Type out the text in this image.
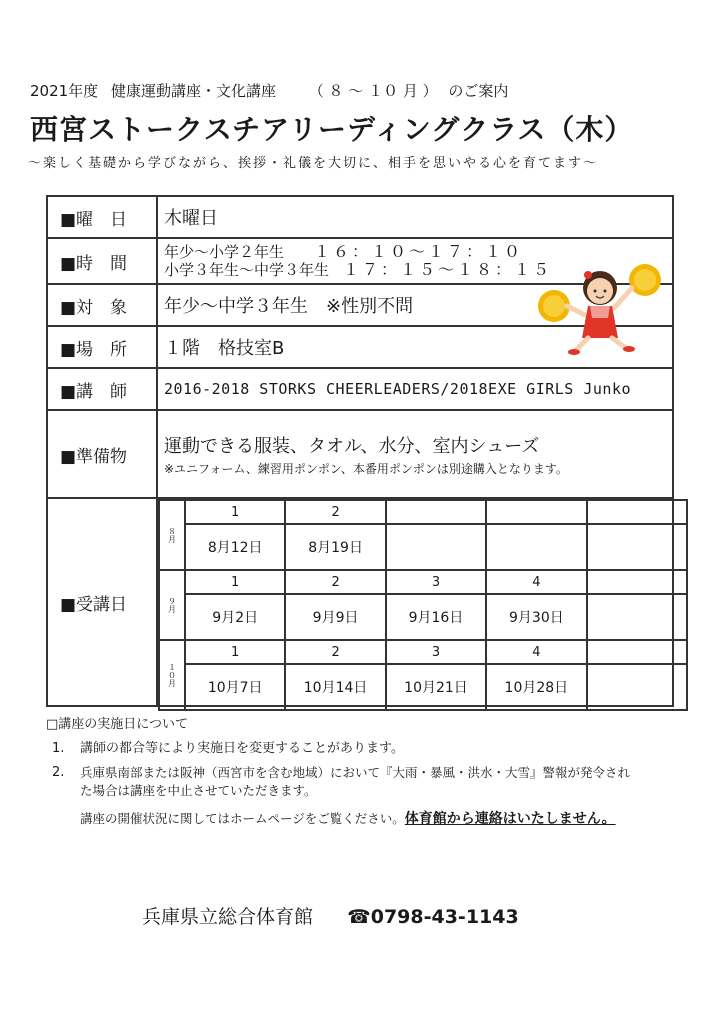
2021年度 健康運動講座・文化講座 （ ８ ～ １０ 月 ） のご案内
西宮ストークスチアリーディングクラス（木）
～楽しく基礎から学びながら、挨拶・礼儀を大切に、相手を思いやる心を育てます～
■曜　日	木曜日
■時　間	
年少～小学２年生 １６：１０～１７：１０
小学３年生～中学３年生 １７：１５～１８：１５

■対　象	年少～中学３年生　※性別不問
■場　所	１階　格技室B
■講　師	2016-2018 STORKS CHEERLEADERS/2018EXE GIRLS Junko
■準備物	運動できる服装、タオル、水分、室内シューズ
※ユニフォーム、練習用ポンポン、本番用ポンポンは別途購入となります。

■受講日	
８月	1	2			
8月12日	8月19日			
９月	1	2	3	4	
9月2日	9月9日	9月16日	9月30日	
１０月	1	2	3	4	
10月7日	10月14日	10月21日	10月28日	
□講座の実施日について
1.	講師の都合等により実施日を変更することがあります。
2.	兵庫県南部または阪神（西宮市を含む地域）において『大雨・暴風・洪水・大雪』警報が発令された場合は講座を中止させていただきます。
講座の開催状況に関してはホームページをご覧ください。体育館から連絡はいたしません。
兵庫県立総合体育館 ☎0798-43-1143
